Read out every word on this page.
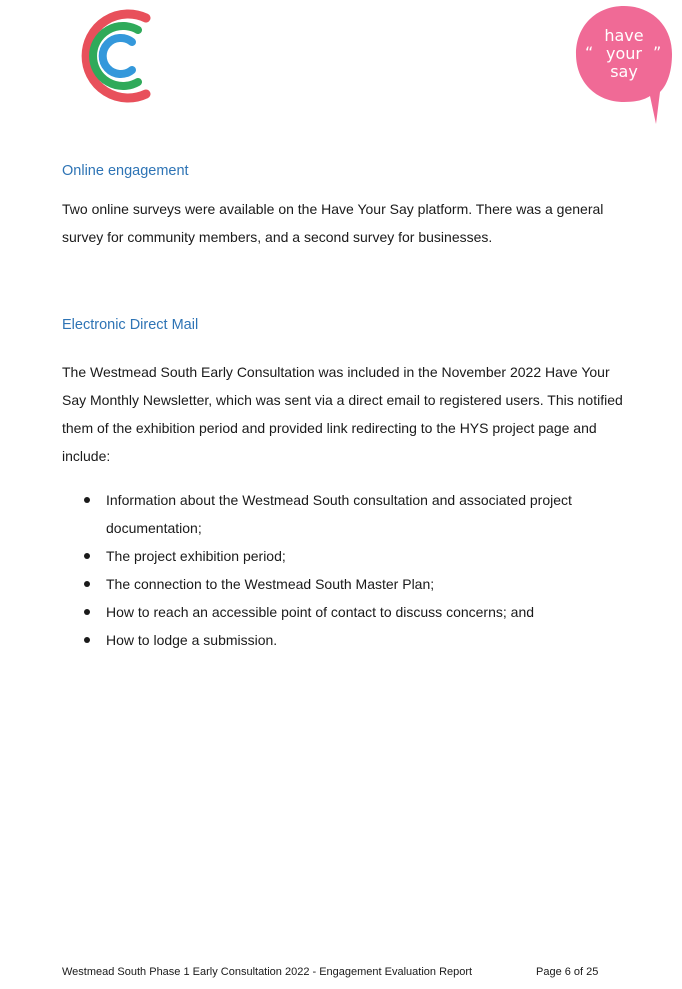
have
your
say
“	”
Online engagement

Two online surveys were available on the Have Your Say platform. There was a general survey for community members, and a second survey for businesses.

Electronic Direct Mail

The Westmead South Early Consultation was included in the November 2022 Have Your Say Monthly Newsletter, which was sent via a direct email to registered users. This notified them of the exhibition period and provided link redirecting to the HYS project page and include:

Information about the Westmead South consultation and associated project documentation;
The project exhibition period;
The connection to the Westmead South Master Plan;
How to reach an accessible point of contact to discuss concerns; and
How to lodge a submission.
Westmead South Phase 1 Early Consultation 2022 - Engagement Evaluation Report	Page 6 of 25
